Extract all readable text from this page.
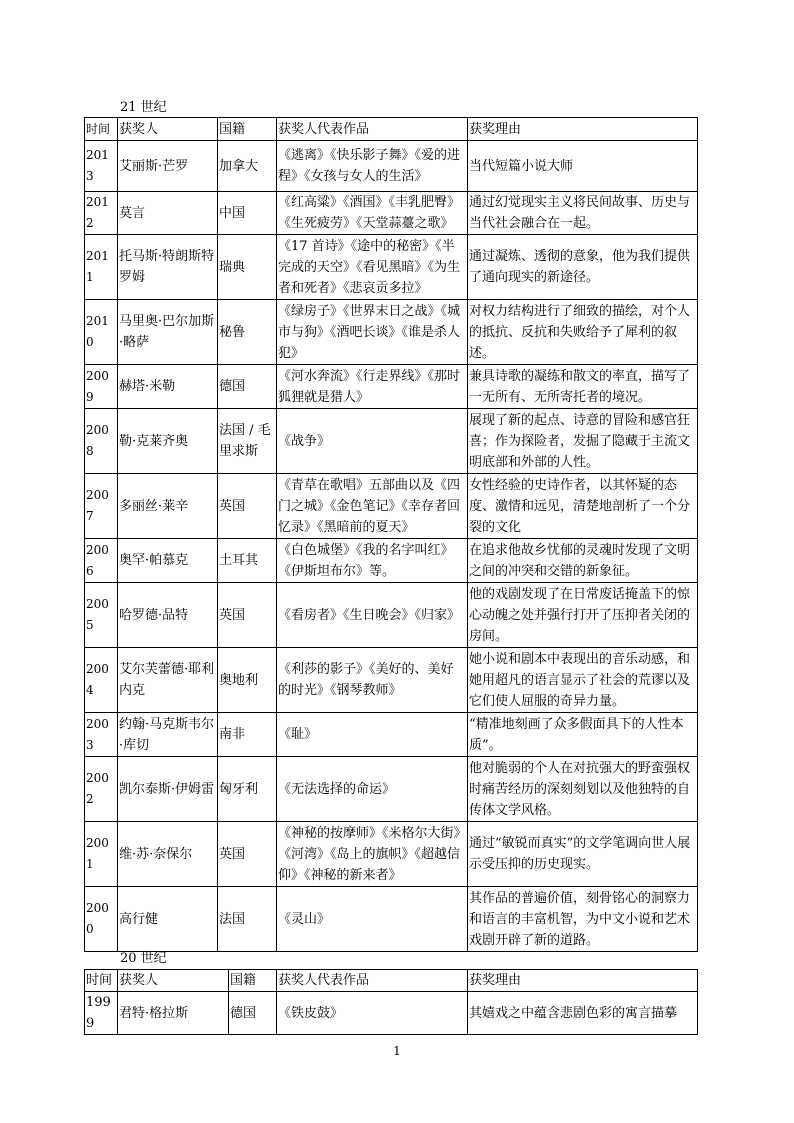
21 世纪
时间	获奖人	国籍	获奖人代表作品	获奖理由
2013	艾丽斯·芒罗	加拿大	《逃离》《快乐影子舞》《爱的进程》《女孩与女人的生活》	当代短篇小说大师
2012	莫言	中国	《红高粱》《酒国》《丰乳肥臀》《生死疲劳》《天堂蒜薹之歌》	通过幻觉现实主义将民间故事、历史与当代社会融合在一起。
2011	托马斯·特朗斯特罗姆	瑞典	《17 首诗》《途中的秘密》《半完成的天空》《看见黑暗》《为生者和死者》《悲哀贡多拉》	通过凝炼、透彻的意象，他为我们提供了通向现实的新途径。
2010	马里奥·巴尔加斯·略萨	秘鲁	《绿房子》《世界末日之战》《城市与狗》《酒吧长谈》《谁是杀人犯》	对权力结构进行了细致的描绘，对个人的抵抗、反抗和失败给予了犀利的叙述。
2009	赫塔·米勒	德国	《河水奔流》《行走界线》《那时狐狸就是猎人》	兼具诗歌的凝练和散文的率直，描写了一无所有、无所寄托者的境况。
2008	勒·克莱齐奥	法国 / 毛里求斯	《战争》	展现了新的起点、诗意的冒险和感官狂喜；作为探险者，发掘了隐藏于主流文明底部和外部的人性。
2007	多丽丝·莱辛	英国	《青草在歌唱》五部曲以及《四门之城》《金色笔记》《幸存者回忆录》《黑暗前的夏天》	女性经验的史诗作者，以其怀疑的态度、激情和远见，清楚地剖析了一个分裂的文化
2006	奥罕·帕慕克	土耳其	《白色城堡》《我的名字叫红》《伊斯坦布尔》等。	在追求他故乡忧郁的灵魂时发现了文明之间的冲突和交错的新象征。
2005	哈罗德·品特	英国	《看房者》《生日晚会》《归家》	他的戏剧发现了在日常废话掩盖下的惊心动魄之处并强行打开了压抑者关闭的房间。
2004	艾尔芙蕾德·耶利内克	奥地利	《利莎的影子》《美好的、美好的时光》《钢琴教师》	她小说和剧本中表现出的音乐动感，和她用超凡的语言显示了社会的荒谬以及它们使人屈服的奇异力量。
2003	约翰·马克斯韦尔·库切	南非	《耻》	“精准地刻画了众多假面具下的人性本质”。
2002	凯尔泰斯·伊姆雷	匈牙利	《无法选择的命运》	他对脆弱的个人在对抗强大的野蛮强权时痛苦经历的深刻刻划以及他独特的自传体文学风格。
2001	维·苏·奈保尔	英国	《神秘的按摩师》《米格尔大街》《河湾》《岛上的旗帜》《超越信仰》《神秘的新来者》	通过“敏锐而真实”的文学笔调向世人展示受压抑的历史现实。
2000	高行健	法国	《灵山》	其作品的普遍价值，刻骨铭心的洞察力和语言的丰富机智，为中文小说和艺术戏剧开辟了新的道路。
20 世纪
时间	获奖人	国籍	获奖人代表作品	获奖理由
1999	君特·格拉斯	德国	《铁皮鼓》	其嬉戏之中蕴含悲剧色彩的寓言描摹
1
